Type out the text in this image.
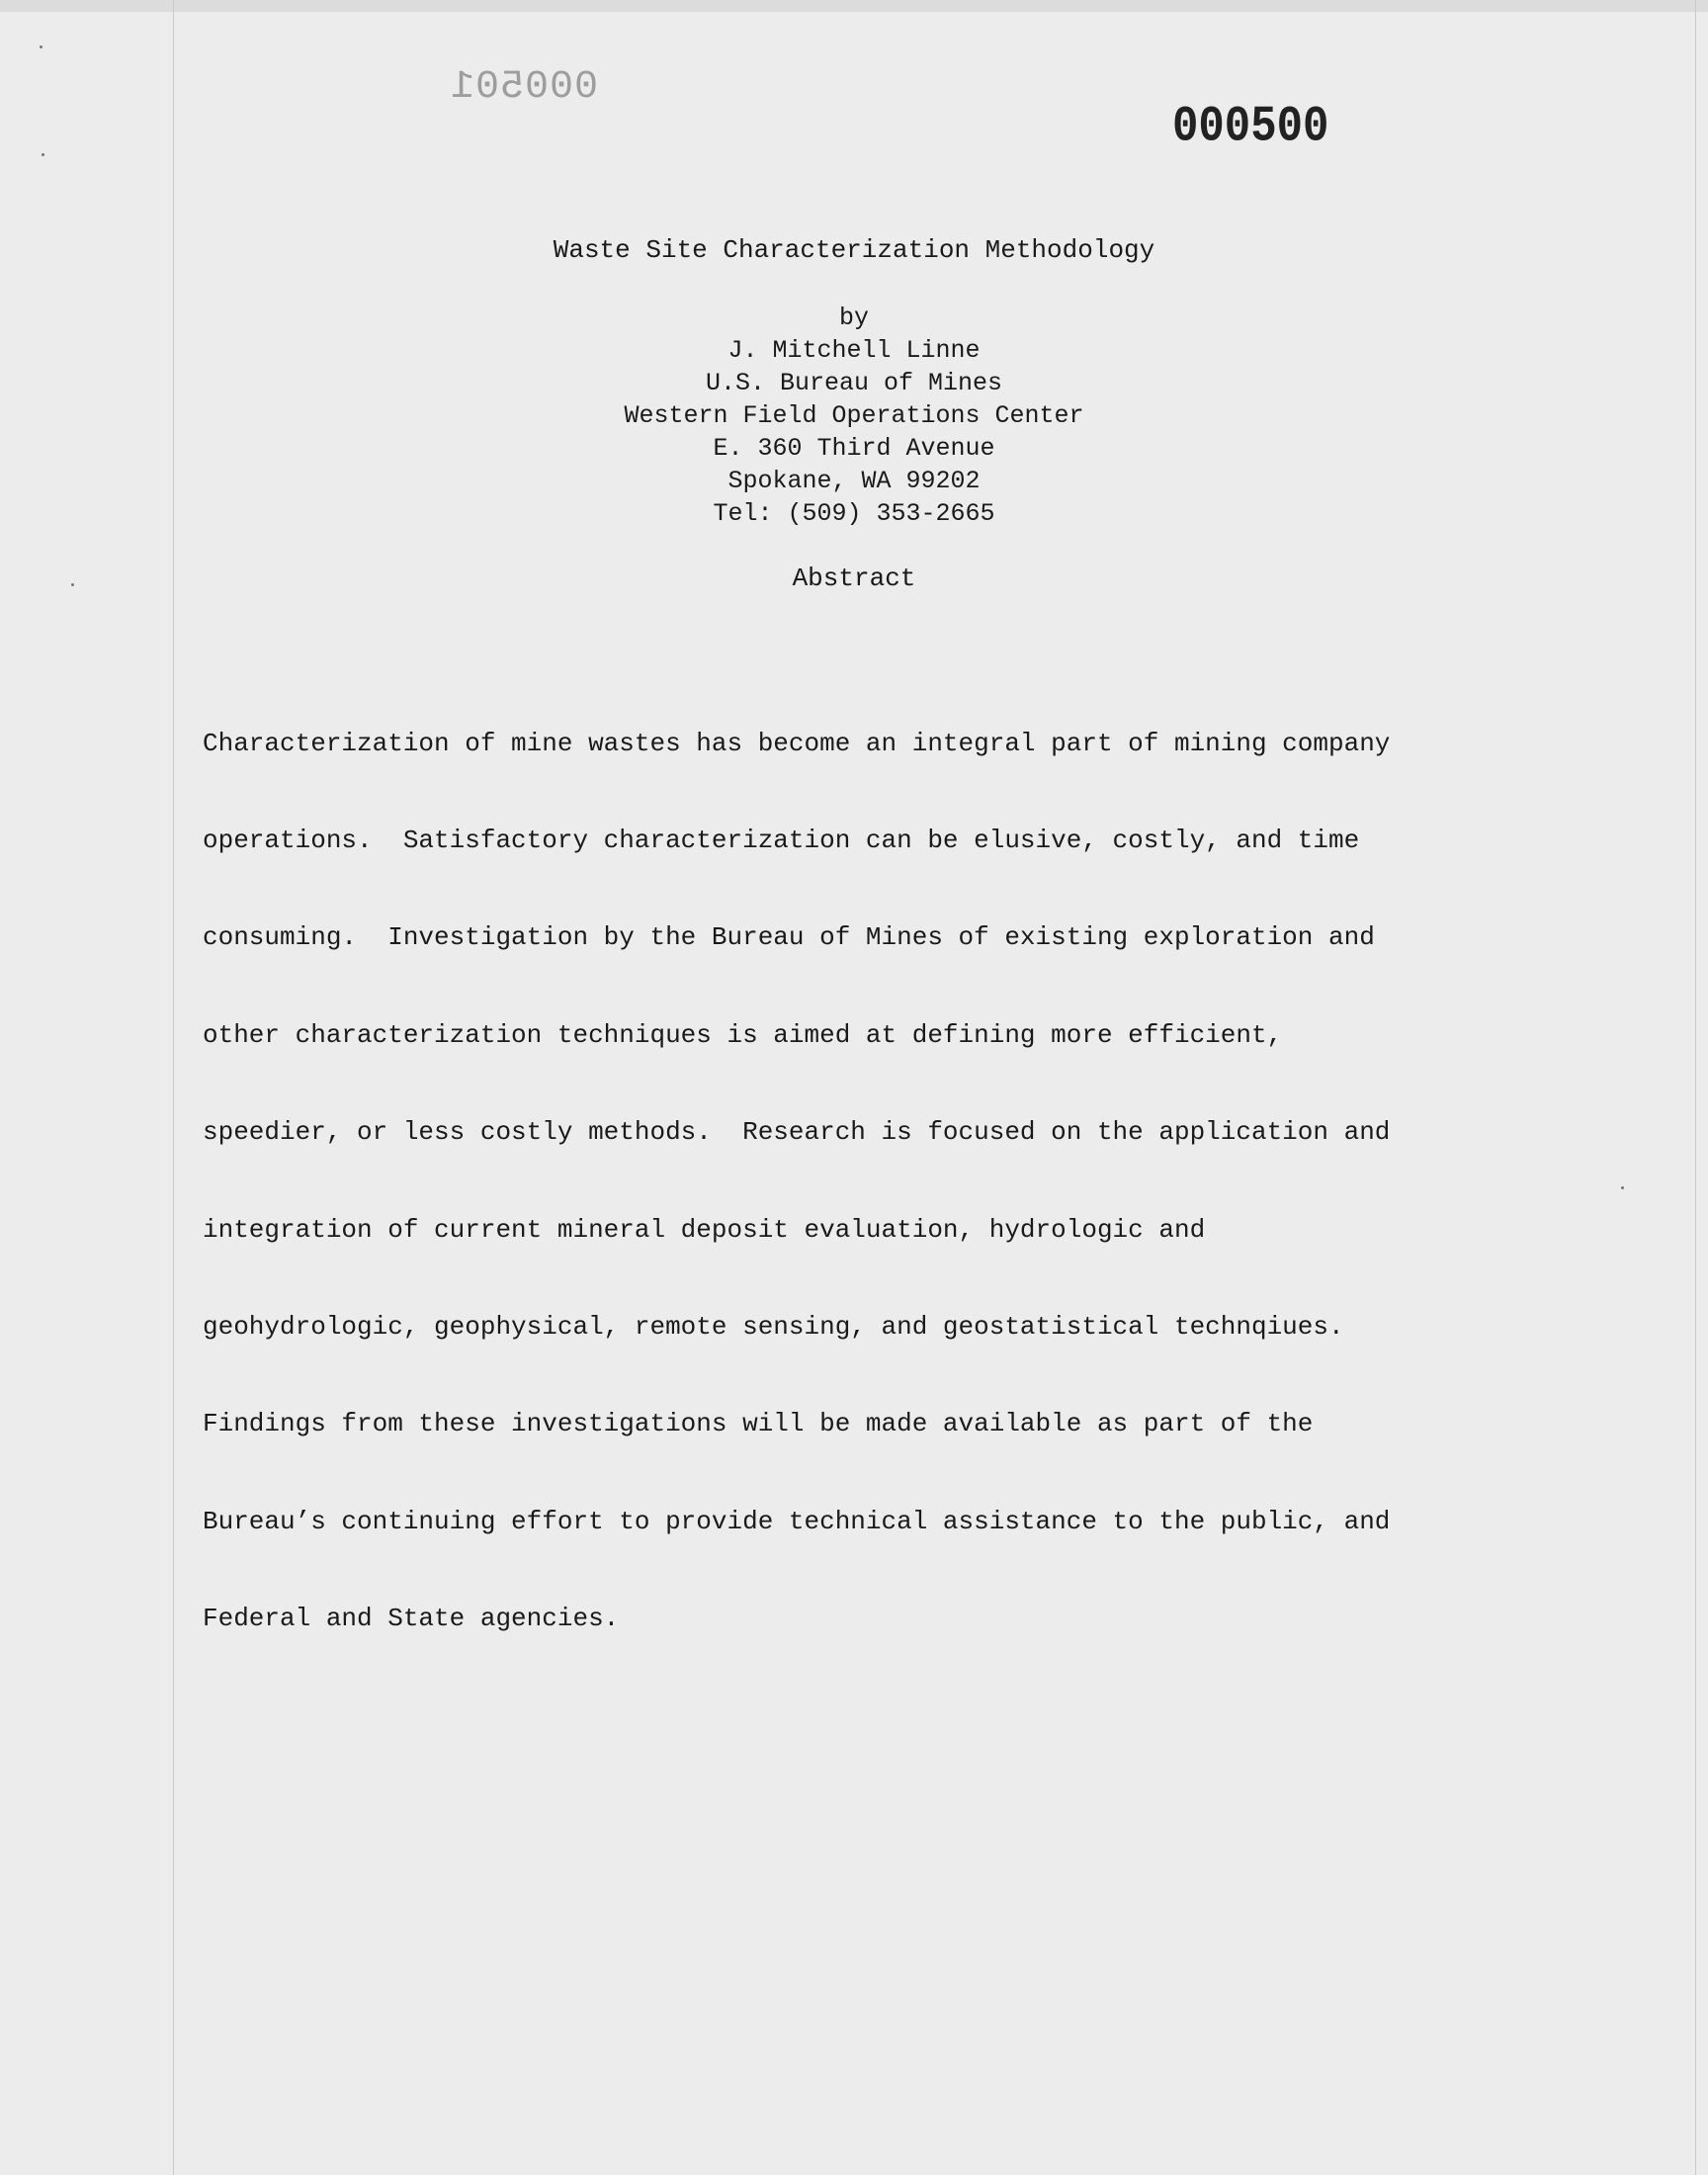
000501
000500
Waste Site Characterization Methodology
by
J. Mitchell Linne
U.S. Bureau of Mines
Western Field Operations Center
E. 360 Third Avenue
Spokane, WA 99202
Tel: (509) 353-2665
Abstract

Characterization of mine wastes has become an integral part of mining company

operations.  Satisfactory characterization can be elusive, costly, and time

consuming.  Investigation by the Bureau of Mines of existing exploration and

other characterization techniques is aimed at defining more efficient,

speedier, or less costly methods.  Research is focused on the application and

integration of current mineral deposit evaluation, hydrologic and

geohydrologic, geophysical, remote sensing, and geostatistical technqiues.

Findings from these investigations will be made available as part of the

Bureau’s continuing effort to provide technical assistance to the public, and

Federal and State agencies.
